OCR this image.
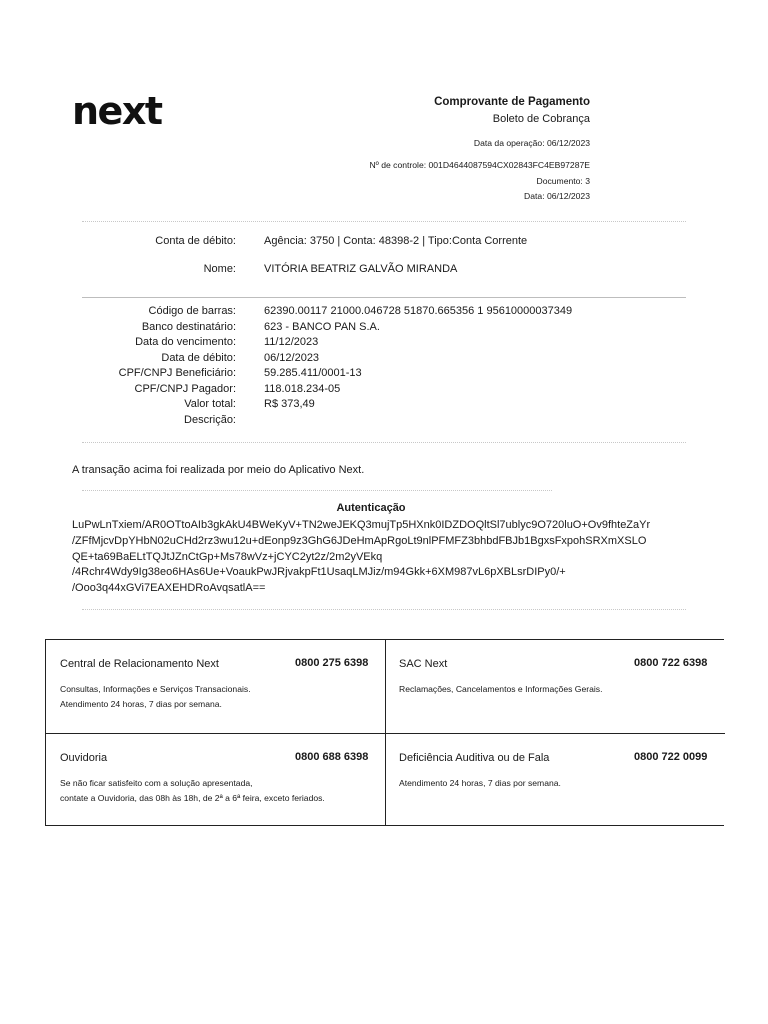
next	Comprovante de Pagamento
Boleto de Cobrança
Data da operação: 06/12/2023
Nº de controle: 001D4644087594CX02843FC4EB97287E
Documento: 3
Data: 06/12/2023
Conta de débito:	Agência: 3750 | Conta: 48398-2 | Tipo:Conta Corrente
Nome:	VITÓRIA BEATRIZ GALVÃO MIRANDA
Código de barras:	62390.00117 21000.046728 51870.665356 1 95610000037349
Banco destinatário:	623 - BANCO PAN S.A.
Data do vencimento:	11/12/2023
Data de débito:	06/12/2023
CPF/CNPJ Beneficiário:	59.285.411/0001-13
CPF/CNPJ Pagador:	118.018.234-05
Valor total:	R$ 373,49
Descrição:
A transação acima foi realizada por meio do Aplicativo Next.
Autenticação
LuPwLnTxiem/AR0OTtoAIb3gkAkU4BWeKyV+TN2weJEKQ3mujTp5HXnk0IDZDOQltSl7ublyc9O720luO+Ov9fhteZaYr
/ZFfMjcvDpYHbN02uCHd2rz3wu12u+dEonp9z3GhG6JDeHmApRgoLt9nlPFMFZ3bhbdFBJb1BgxsFxpohSRXmXSLO
QE+ta69BaELtTQJtJZnCtGp+Ms78wVz+jCYC2yt2z/2m2yVEkq
/4Rchr4Wdy9Ig38eo6HAs6Ue+VoaukPwJRjvakpFt1UsaqLMJiz/m94Gkk+6XM987vL6pXBLsrDIPy0/+
/Ooo3q44xGVi7EAXEHDRoAvqsatlA==
Central de Relacionamento Next	0800 275 6398
Consultas, Informações e Serviços Transacionais.
Atendimento 24 horas, 7 dias por semana.
SAC Next	0800 722 6398
Reclamações, Cancelamentos e Informações Gerais.
Ouvidoria	0800 688 6398
Se não ficar satisfeito com a solução apresentada,
contate a Ouvidoria, das 08h às 18h, de 2ª a 6ª feira, exceto feriados.
Deficiência Auditiva ou de Fala	0800 722 0099
Atendimento 24 horas, 7 dias por semana.
